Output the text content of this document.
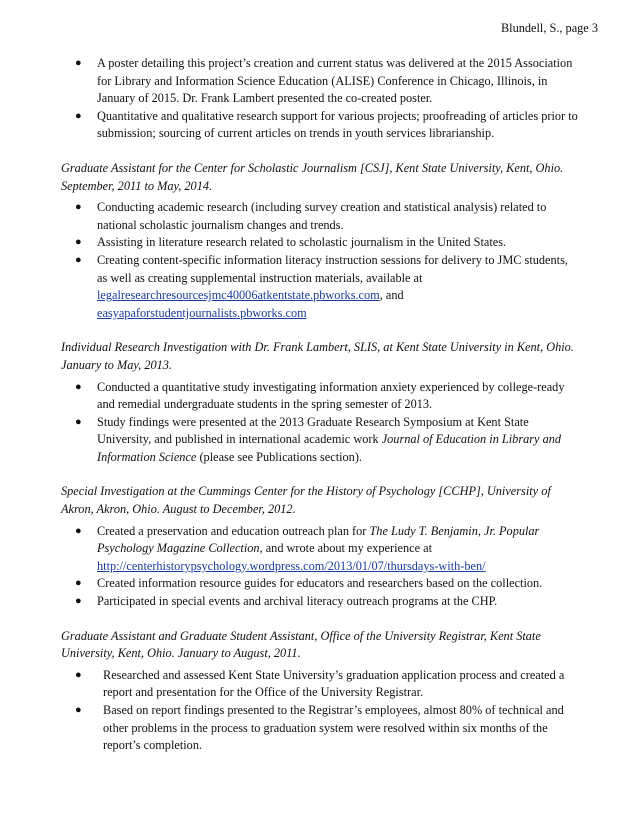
Blundell, S., page 3
● A poster detailing this project’s creation and current status was delivered at the 2015 Association for Library and Information Science Education (ALISE) Conference in Chicago, Illinois, in January of 2015. Dr. Frank Lambert presented the co-created poster.
● Quantitative and qualitative research support for various projects; proofreading of articles prior to submission; sourcing of current articles on trends in youth services librarianship.

Graduate Assistant for the Center for Scholastic Journalism [CSJ], Kent State University, Kent, Ohio. September, 2011 to May, 2014.

● Conducting academic research (including survey creation and statistical analysis) related to national scholastic journalism changes and trends.
● Assisting in literature research related to scholastic journalism in the United States.
● Creating content-specific information literacy instruction sessions for delivery to JMC students, as well as creating supplemental instruction materials, available at
legalresearchresourcesjmc40006atkentstate.pbworks.com, and
easyapaforstudentjournalists.pbworks.com

Individual Research Investigation with Dr. Frank Lambert, SLIS, at Kent State University in Kent, Ohio. January to May, 2013.

● Conducted a quantitative study investigating information anxiety experienced by college-ready and remedial undergraduate students in the spring semester of 2013.
● Study findings were presented at the 2013 Graduate Research Symposium at Kent State University, and published in international academic work Journal of Education in Library and Information Science (please see Publications section).

Special Investigation at the Cummings Center for the History of Psychology [CCHP], University of Akron, Akron, Ohio. August to December, 2012.

● Created a preservation and education outreach plan for The Ludy T. Benjamin, Jr. Popular Psychology Magazine Collection, and wrote about my experience at
http://centerhistorypsychology.wordpress.com/2013/01/07/thursdays-with-ben/
● Created information resource guides for educators and researchers based on the collection.
● Participated in special events and archival literacy outreach programs at the CHP.

Graduate Assistant and Graduate Student Assistant, Office of the University Registrar, Kent State University, Kent, Ohio. January to August, 2011.

● Researched and assessed Kent State University’s graduation application process and created a report and presentation for the Office of the University Registrar.
● Based on report findings presented to the Registrar’s employees, almost 80% of technical and other problems in the process to graduation system were resolved within six months of the report’s completion.
